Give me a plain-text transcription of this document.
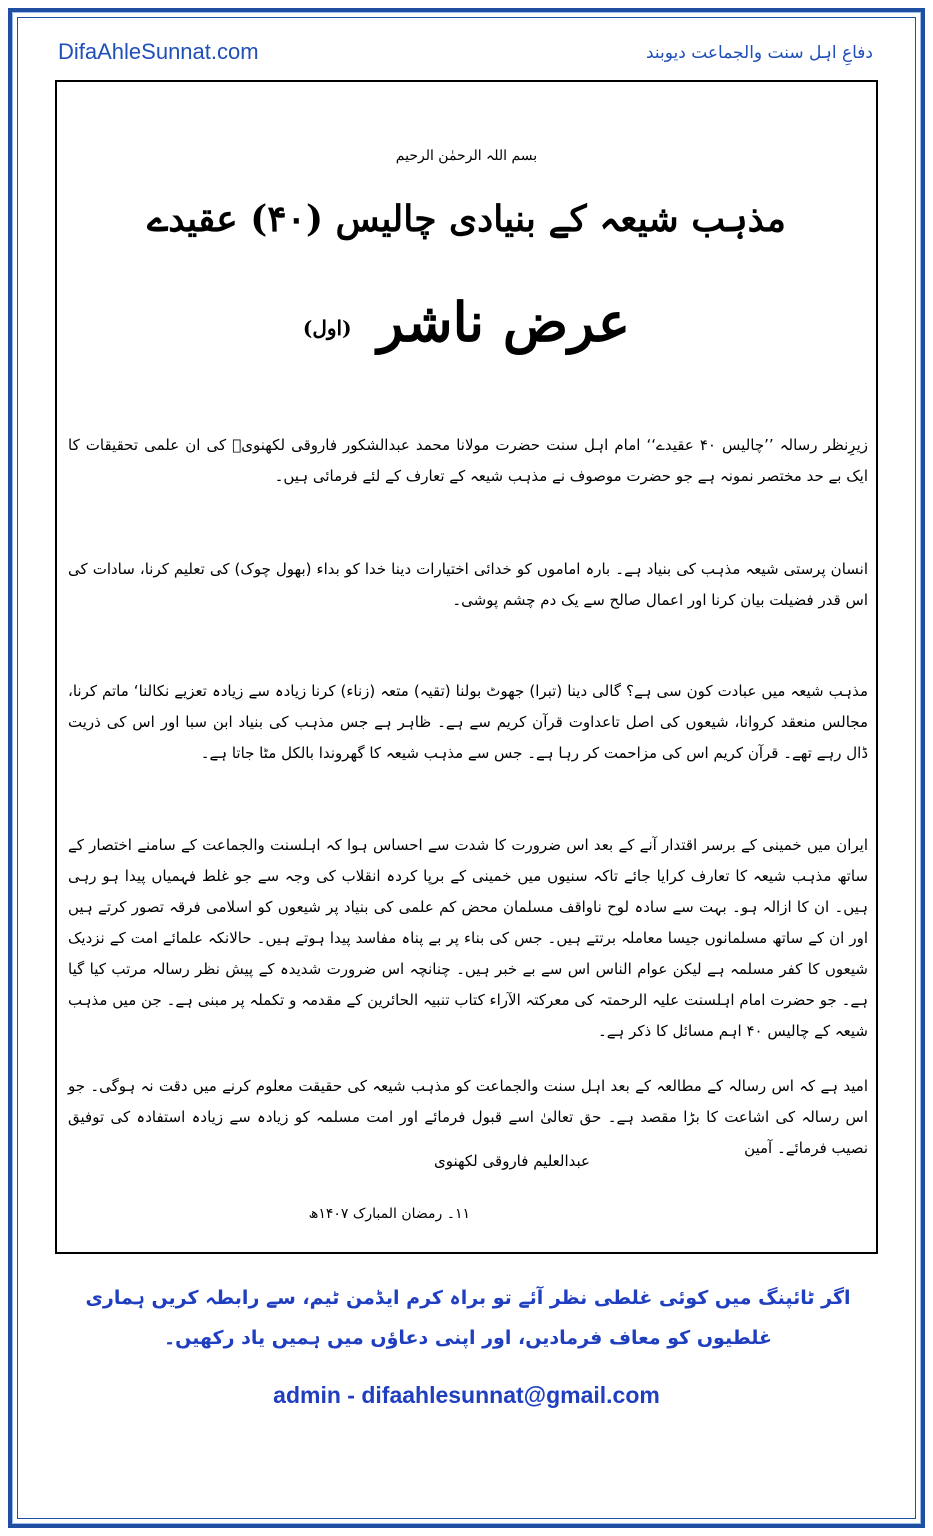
DifaAhleSunnat.com	دفاعِ اہل سنت والجماعت دیوبند
بسم اللہ الرحمٰن الرحیم
مذہب شیعہ کے بنیادی چالیس (۴۰) عقیدے
عرض ناشر
(اول)
زیرِنظر رسالہ ’’چالیس ۴۰ عقیدے‘‘ امام اہل سنت حضرت مولانا محمد عبدالشکور فاروقی لکھنویؒ کی ان علمی تحقیقات کا ایک بے حد مختصر نمونہ ہے جو حضرت موصوف نے مذہب شیعہ کے تعارف کے لئے فرمائی ہیں۔
انسان پرستی شیعہ مذہب کی بنیاد ہے۔ بارہ اماموں کو خدائی اختیارات دینا خدا کو بداء (بھول چوک) کی تعلیم کرنا، سادات کی اس قدر فضیلت بیان کرنا اور اعمال صالح سے یک دم چشم پوشی۔
مذہب شیعہ میں عبادت کون سی ہے؟ گالی دینا (تبرا) جھوٹ بولنا (تقیہ) متعہ (زناء) کرنا زیادہ سے زیادہ تعزیے نکالنا‘ ماتم کرنا، مجالس منعقد کروانا، شیعوں کی اصل تاعداوت قرآن کریم سے ہے۔ ظاہر ہے جس مذہب کی بنیاد ابن سبا اور اس کی ذریت ڈال رہے تھے۔ قرآن کریم اس کی مزاحمت کر رہا ہے۔ جس سے مذہب شیعہ کا گھروندا بالکل مٹا جاتا ہے۔
ایران میں خمینی کے برسر اقتدار آنے کے بعد اس ضرورت کا شدت سے احساس ہوا کہ اہلسنت والجماعت کے سامنے اختصار کے ساتھ مذہب شیعہ کا تعارف کرایا جائے تاکہ سنیوں میں خمینی کے برپا کردہ انقلاب کی وجہ سے جو غلط فہمیاں پیدا ہو رہی ہیں۔ ان کا ازالہ ہو۔ بہت سے سادہ لوح ناواقف مسلمان محض کم علمی کی بنیاد پر شیعوں کو اسلامی فرقہ تصور کرتے ہیں اور ان کے ساتھ مسلمانوں جیسا معاملہ برتتے ہیں۔ جس کی بناء پر بے پناہ مفاسد پیدا ہوتے ہیں۔ حالانکہ علمائے امت کے نزدیک شیعوں کا کفر مسلمہ ہے لیکن عوام الناس اس سے بے خبر ہیں۔ چنانچہ اس ضرورت شدیدہ کے پیش نظر رسالہ مرتب کیا گیا ہے۔ جو حضرت امام اہلسنت علیہ الرحمتہ کی معرکتہ الآراء کتاب تنبیہ الحائرین کے مقدمہ و تکملہ پر مبنی ہے۔ جن میں مذہب شیعہ کے چالیس ۴۰ اہم مسائل کا ذکر ہے۔
امید ہے کہ اس رسالہ کے مطالعہ کے بعد اہل سنت والجماعت کو مذہب شیعہ کی حقیقت معلوم کرنے میں دقت نہ ہوگی۔ جو اس رسالہ کی اشاعت کا بڑا مقصد ہے۔ حق تعالیٰ اسے قبول فرمائے اور امت مسلمہ کو زیادہ سے زیادہ استفادہ کی توفیق نصیب فرمائے۔ آمین
عبدالعلیم فاروقی لکھنوی
۱۱۔ رمضان المبارک ۱۴۰۷ھ
اگر ٹائپنگ میں کوئی غلطی نظر آئے تو براہ کرم ایڈمن ٹیم، سے رابطہ کریں ہماری غلطیوں کو معاف فرمادیں، اور اپنی دعاؤں میں ہمیں یاد رکھیں۔
admin - difaahlesunnat@gmail.com
